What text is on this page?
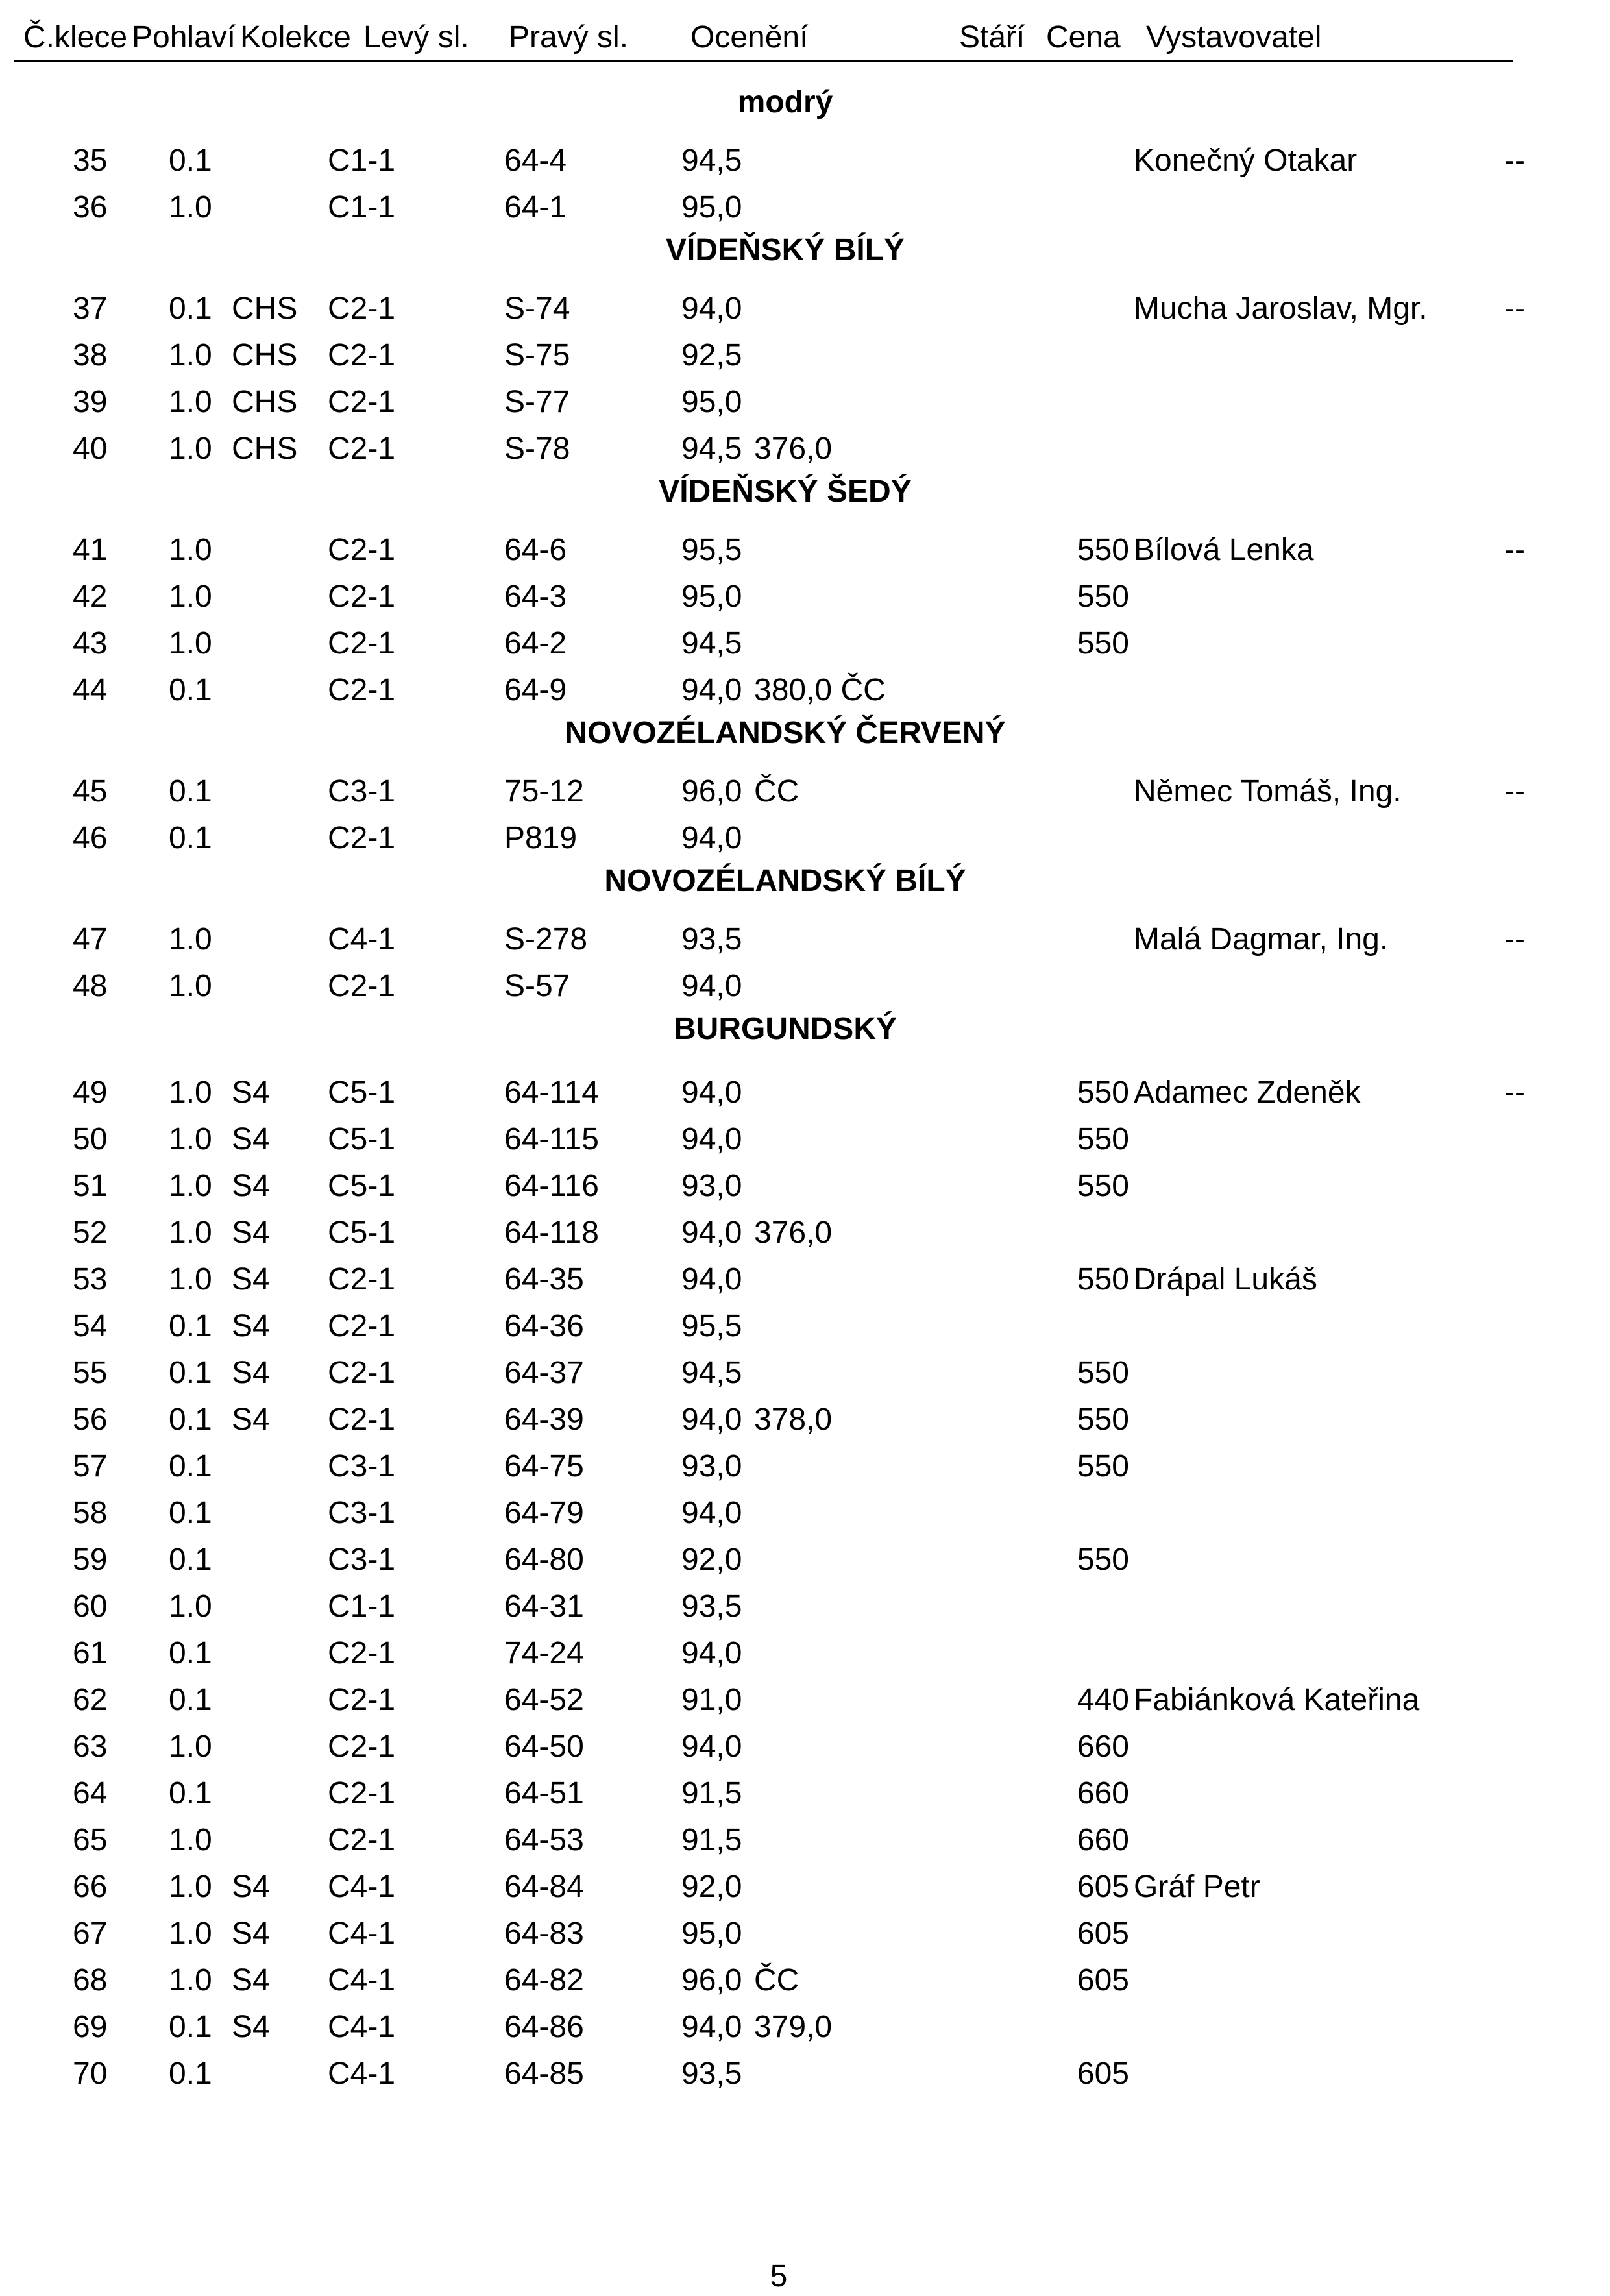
Č.klece Pohlaví Kolekce Levý sl. Pravý sl. Ocenění	Stáří Cena Vystavovatel
modrý
35 0.1	C1-1	64-4	94,5	Konečný Otakar	--
36 1.0	C1-1	64-1	95,0
VÍDEŇSKÝ BÍLÝ
37 0.1 CHS C2-1	S-74	94,0	Mucha Jaroslav, Mgr. --
38 1.0 CHS C2-1	S-75	92,5
39 1.0 CHS C2-1	S-77	95,0
40 1.0 CHS C2-1	S-78	94,5 376,0
VÍDEŇSKÝ ŠEDÝ
41 1.0	C2-1	64-6	95,5	550 Bílová Lenka	--
42 1.0	C2-1	64-3	95,0	550
43 1.0	C2-1	64-2	94,5	550
44 0.1	C2-1	64-9	94,0 380,0 ČC
NOVOZÉLANDSKÝ ČERVENÝ
45 0.1	C3-1	75-12	96,0 ČC	Němec Tomáš, Ing.	--
46 0.1	C2-1	P819	94,0
NOVOZÉLANDSKÝ BÍLÝ
47 1.0	C4-1	S-278	93,5	Malá Dagmar, Ing.	--
48 1.0	C2-1	S-57	94,0
BURGUNDSKÝ
49 1.0 S4 C5-1	64-114	94,0	550 Adamec Zdeněk	--
50 1.0 S4 C5-1	64-115	94,0	550
51 1.0 S4 C5-1	64-116	93,0	550
52 1.0 S4 C5-1	64-118	94,0 376,0
53 1.0 S4 C2-1	64-35	94,0	550 Drápal Lukáš
54 0.1 S4 C2-1	64-36	95,5
55 0.1 S4 C2-1	64-37	94,5	550
56 0.1 S4 C2-1	64-39	94,0 378,0	550
57 0.1	C3-1	64-75	93,0	550
58 0.1	C3-1	64-79	94,0
59 0.1	C3-1	64-80	92,0	550
60 1.0	C1-1	64-31	93,5
61 0.1	C2-1	74-24	94,0
62 0.1	C2-1	64-52	91,0	440 Fabiánková Kateřina
63 1.0	C2-1	64-50	94,0	660
64 0.1	C2-1	64-51	91,5	660
65 1.0	C2-1	64-53	91,5	660
66 1.0 S4 C4-1	64-84	92,0	605 Gráf Petr
67 1.0 S4 C4-1	64-83	95,0	605
68 1.0 S4 C4-1	64-82	96,0 ČC	605
69 0.1 S4 C4-1	64-86	94,0 379,0
70 0.1	C4-1	64-85	93,5	605
5
